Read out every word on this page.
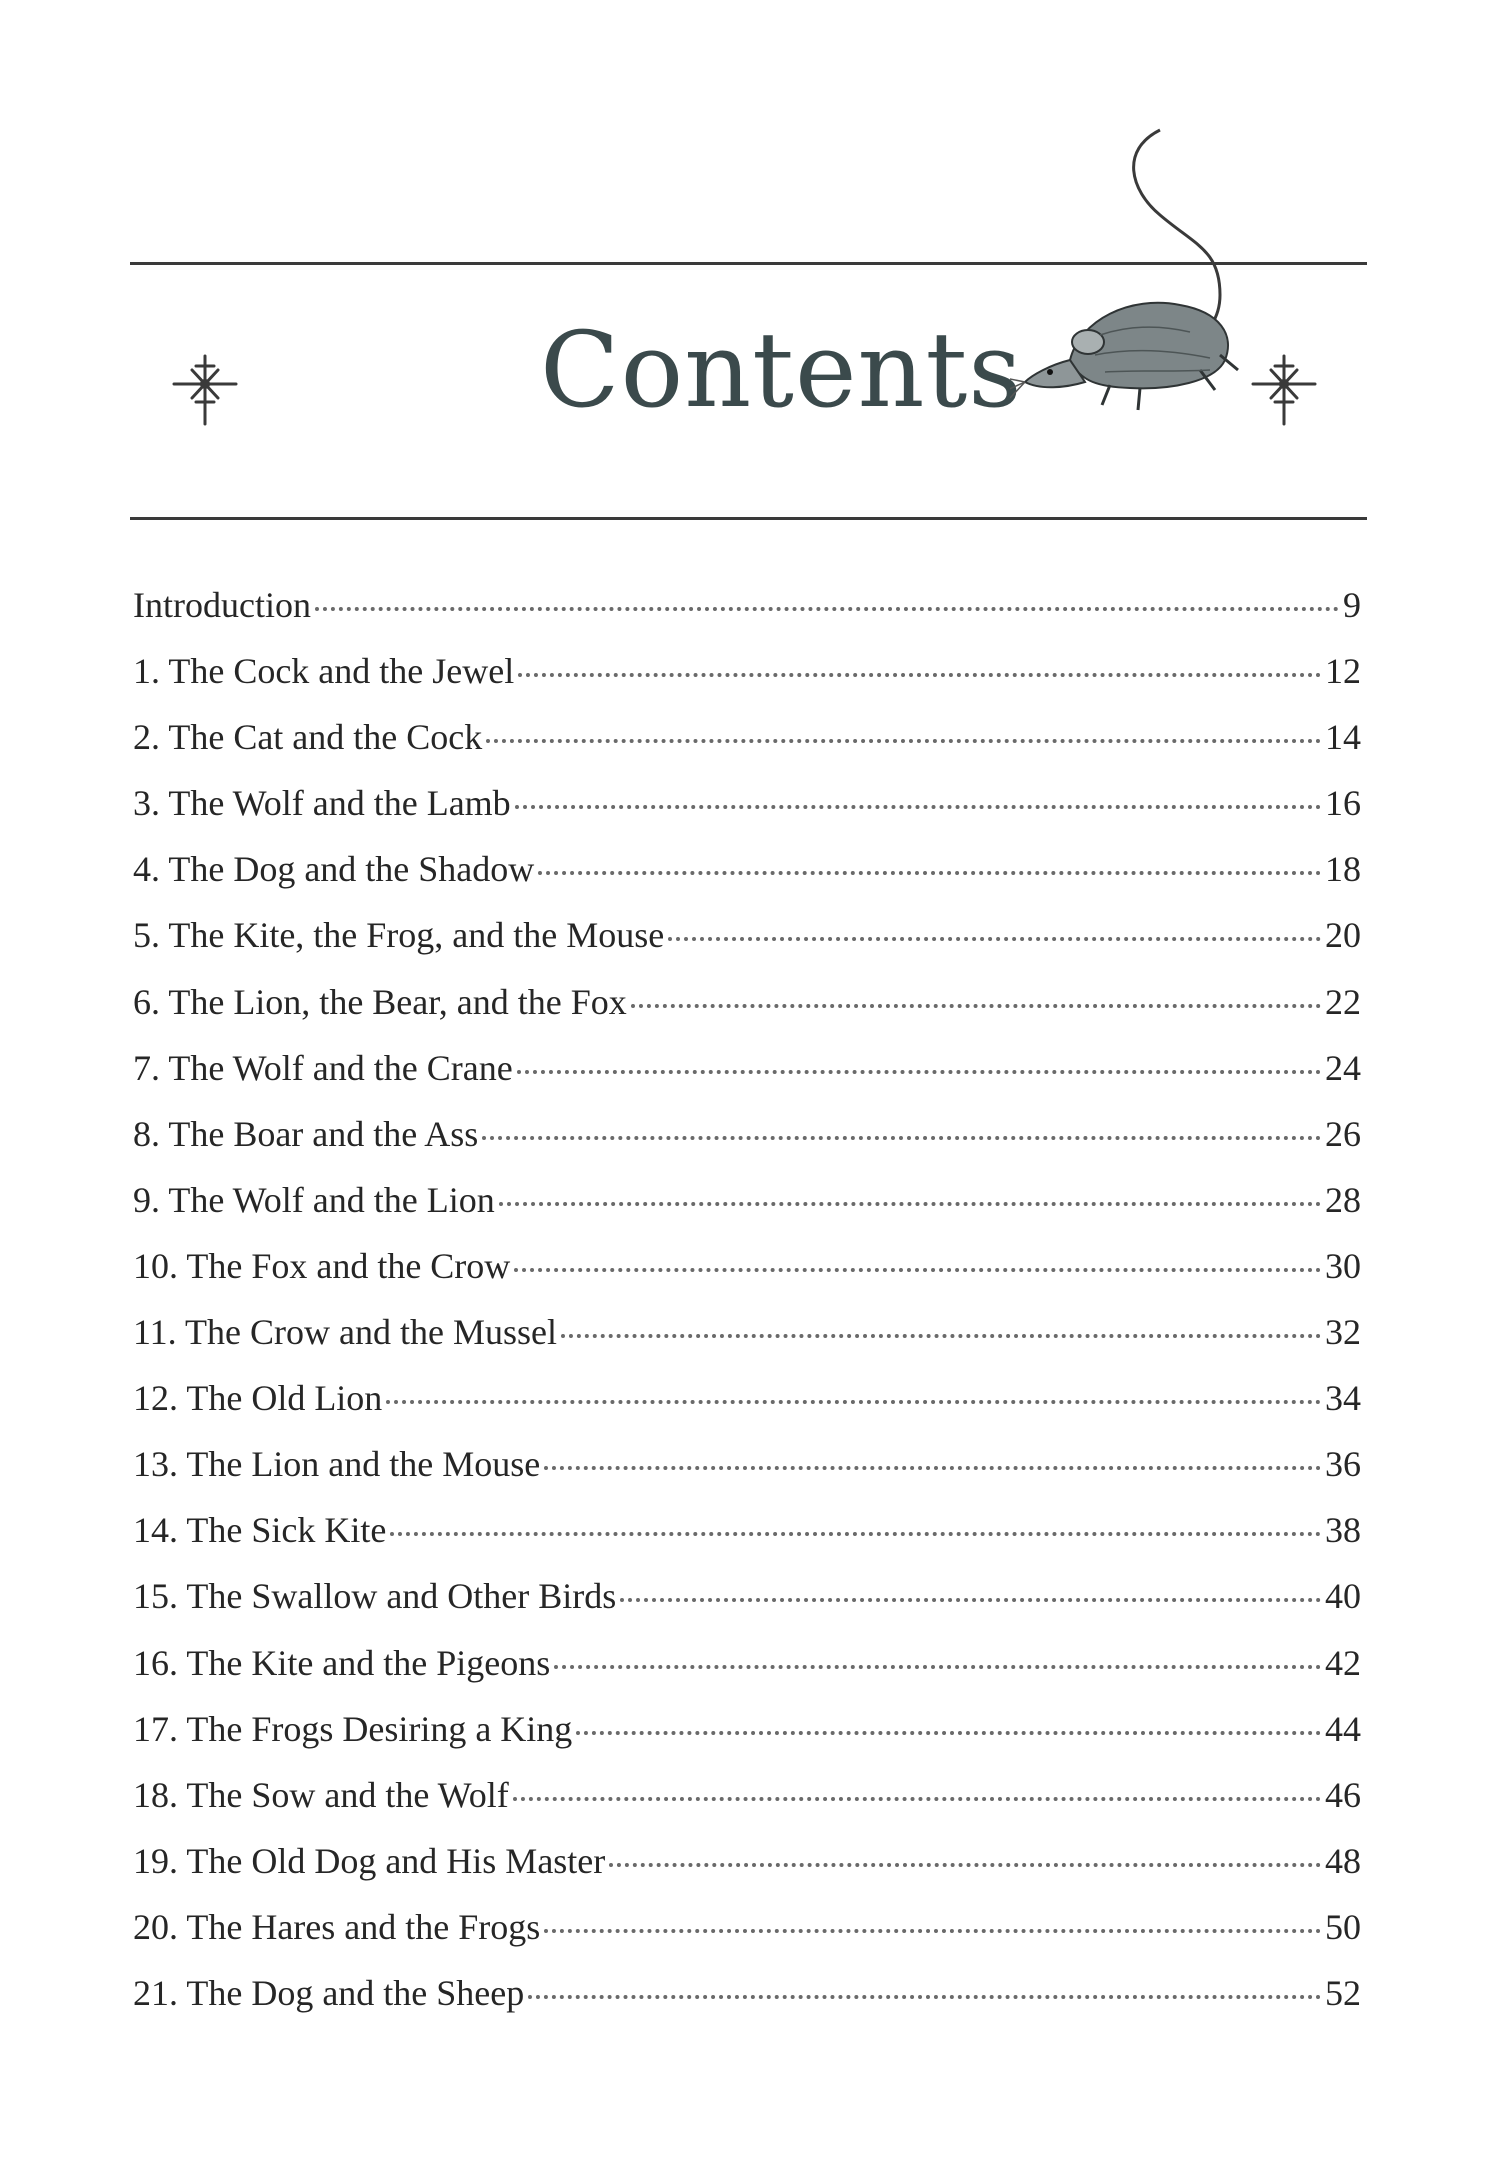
Contents
Introduction	9
1. The Cock and the Jewel	12
2. The Cat and the Cock	14
3. The Wolf and the Lamb	16
4. The Dog and the Shadow	18
5. The Kite, the Frog, and the Mouse	20
6. The Lion, the Bear, and the Fox	22
7. The Wolf and the Crane	24
8. The Boar and the Ass	26
9. The Wolf and the Lion	28
10. The Fox and the Crow	30
11. The Crow and the Mussel	32
12. The Old Lion	34
13. The Lion and the Mouse	36
14. The Sick Kite	38
15. The Swallow and Other Birds	40
16. The Kite and the Pigeons	42
17. The Frogs Desiring a King	44
18. The Sow and the Wolf	46
19. The Old Dog and His Master	48
20. The Hares and the Frogs	50
21. The Dog and the Sheep	52
